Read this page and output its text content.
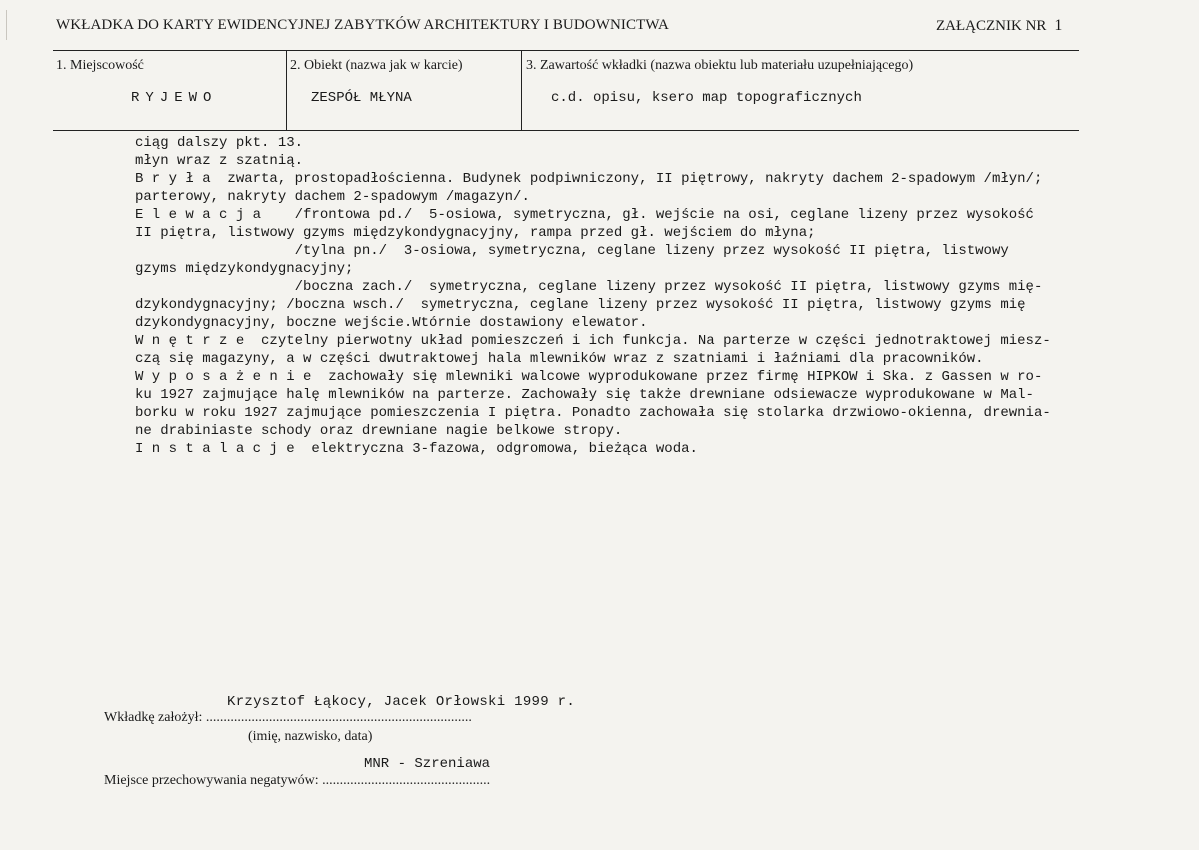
WKŁADKA DO KARTY EWIDENCYJNEJ ZABYTKÓW ARCHITEKTURY I BUDOWNICTWA	ZAŁĄCZNIK NR 1
1. Miejscowość	2. Obiekt (nazwa jak w karcie)	3. Zawartość wkładki (nazwa obiektu lub materiału uzupełniającego)
RYJEWO	ZESPÓŁ MŁYNA	c.d. opisu, ksero map topograficznych
ciąg dalszy pkt. 13.
młyn wraz z szatnią.
B r y ł a  zwarta, prostopadłościenna. Budynek podpiwniczony, II piętrowy, nakryty dachem 2-spadowym /młyn/;
parterowy, nakryty dachem 2-spadowym /magazyn/.
E l e w a c j a    /frontowa pd./  5-osiowa, symetryczna, gł. wejście na osi, ceglane lizeny przez wysokość
II piętra, listwowy gzyms międzykondygnacyjny, rampa przed gł. wejściem do młyna;
/tylna pn./  3-osiowa, symetryczna, ceglane lizeny przez wysokość II piętra, listwowy
gzyms międzykondygnacyjny;
/boczna zach./  symetryczna, ceglane lizeny przez wysokość II piętra, listwowy gzyms mię-
dzykondygnacyjny; /boczna wsch./  symetryczna, ceglane lizeny przez wysokość II piętra, listwowy gzyms mię
dzykondygnacyjny, boczne wejście.Wtórnie dostawiony elewator.
W n ę t r z e  czytelny pierwotny układ pomieszczeń i ich funkcja. Na parterze w części jednotraktowej miesz-
czą się magazyny, a w części dwutraktowej hala mlewników wraz z szatniami i łaźniami dla pracowników.
W y p o s a ż e n i e  zachowały się mlewniki walcowe wyprodukowane przez firmę HIPKOW i Ska. z Gassen w ro-
ku 1927 zajmujące halę mlewników na parterze. Zachowały się także drewniane odsiewacze wyprodukowane w Mal-
borku w roku 1927 zajmujące pomieszczenia I piętra. Ponadto zachowała się stolarka drzwiowo-okienna, drewnia-
ne drabiniaste schody oraz drewniane nagie belkowe stropy.
I n s t a l a c j e  elektryczna 3-fazowa, odgromowa, bieżąca woda.
Krzysztof Łąkocy, Jacek Orłowski 1999 r.
Wkładkę założył: ............................................................................
(imię, nazwisko, data)
MNR - Szreniawa
Miejsce przechowywania negatywów: ................................................
